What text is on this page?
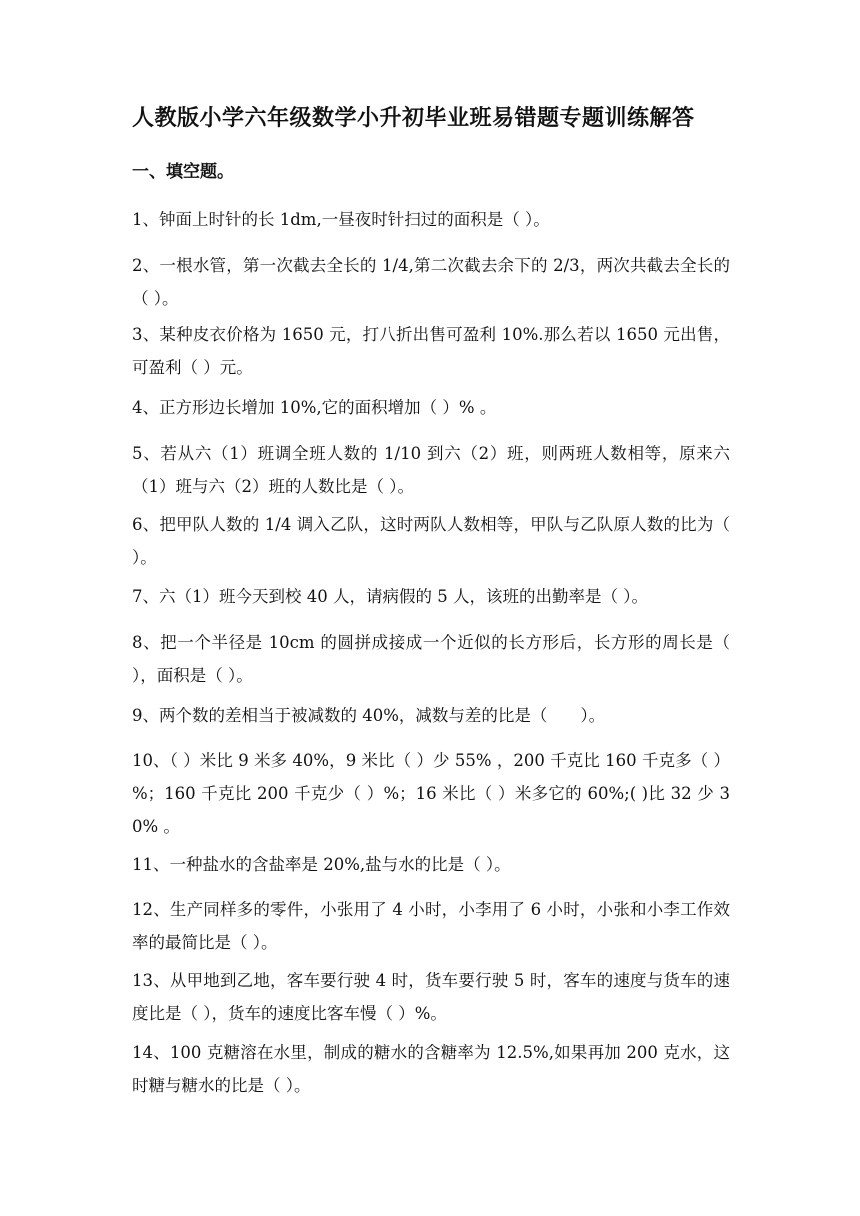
人教版小学六年级数学小升初毕业班易错题专题训练解答
一、填空题。
1、钟面上时针的长 1dm,一昼夜时针扫过的面积是（ ）。
2、一根水管，第一次截去全长的 1/4,第二次截去余下的 2/3，两次共截去全长的（ ）。
3、某种皮衣价格为 1650 元，打八折出售可盈利 10%.那么若以 1650 元出售，可盈利（ ）元。
4、正方形边长增加 10%,它的面积增加（ ）% 。
5、若从六（1）班调全班人数的 1/10 到六（2）班，则两班人数相等，原来六（1）班与六（2）班的人数比是（ ）。
6、把甲队人数的 1/4 调入乙队，这时两队人数相等，甲队与乙队原人数的比为（ ）。
7、六（1）班今天到校 40 人，请病假的 5 人，该班的出勤率是（ ）。
8、把一个半径是 10cm 的圆拼成接成一个近似的长方形后，长方形的周长是（ ），面积是（ ）。
9、两个数的差相当于被减数的 40%，减数与差的比是（　　）。
10、（ ）米比 9 米多 40%，9 米比（ ）少 55% ，200 千克比 160 千克多（ ）%；160 千克比 200 千克少（ ）%；16 米比（ ）米多它的 60%;( )比 32 少 30% 。
11、一种盐水的含盐率是 20%,盐与水的比是（ ）。
12、生产同样多的零件，小张用了 4 小时，小李用了 6 小时，小张和小李工作效率的最简比是（ ）。
13、从甲地到乙地，客车要行驶 4 时，货车要行驶 5 时，客车的速度与货车的速度比是（ ），货车的速度比客车慢（ ）%。
14、100 克糖溶在水里，制成的糖水的含糖率为 12.5%,如果再加 200 克水，这时糖与糖水的比是（ ）。
